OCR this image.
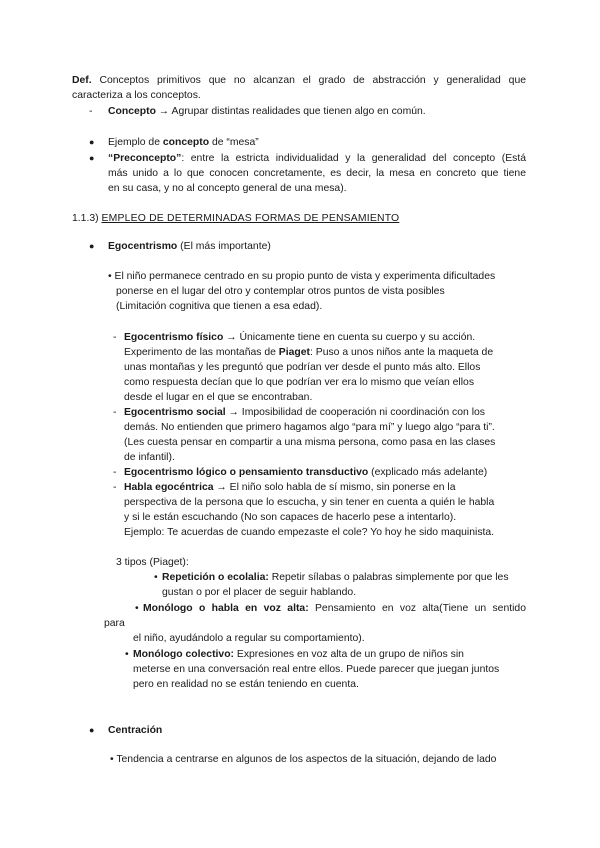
Def. Conceptos primitivos que no alcanzan el grado de abstracción y generalidad que
caracteriza a los conceptos.
- Concepto → Agrupar distintas realidades que tienen algo en común.
● Ejemplo de concepto de “mesa”
● “Preconcepto”: entre la estricta individualidad y la generalidad del concepto (Está
más unido a lo que conocen concretamente, es decir, la mesa en concreto que tiene
en su casa, y no al concepto general de una mesa).
1.1.3) EMPLEO DE DETERMINADAS FORMAS DE PENSAMIENTO
● Egocentrismo (El más importante)
• El niño permanece centrado en su propio punto de vista y experimenta dificultades
ponerse en el lugar del otro y contemplar otros puntos de vista posibles
(Limitación cognitiva que tienen a esa edad).
- Egocentrismo físico → Únicamente tiene en cuenta su cuerpo y su acción.
Experimento de las montañas de Piaget: Puso a unos niños ante la maqueta de
unas montañas y les preguntó que podrían ver desde el punto más alto. Ellos
como respuesta decían que lo que podrían ver era lo mismo que veían ellos
desde el lugar en el que se encontraban.
- Egocentrismo social → Imposibilidad de cooperación ni coordinación con los
demás. No entienden que primero hagamos algo “para mí” y luego algo “para ti”.
(Les cuesta pensar en compartir a una misma persona, como pasa en las clases
de infantil).
- Egocentrismo lógico o pensamiento transductivo (explicado más adelante)
- Habla egocéntrica → El niño solo habla de sí mismo, sin ponerse en la
perspectiva de la persona que lo escucha, y sin tener en cuenta a quién le habla
y si le están escuchando (No son capaces de hacerlo pese a intentarlo).
Ejemplo: Te acuerdas de cuando empezaste el cole? Yo hoy he sido maquinista.
3 tipos (Piaget):
• Repetición o ecolalia: Repetir sílabas o palabras simplemente por que les
gustan o por el placer de seguir hablando.
• Monólogo o habla en voz alta: Pensamiento en voz alta(Tiene un sentido
para
el niño, ayudándolo a regular su comportamiento).
• Monólogo colectivo: Expresiones en voz alta de un grupo de niños sin
meterse en una conversación real entre ellos. Puede parecer que juegan juntos
pero en realidad no se están teniendo en cuenta.
● Centración
• Tendencia a centrarse en algunos de los aspectos de la situación, dejando de lado
